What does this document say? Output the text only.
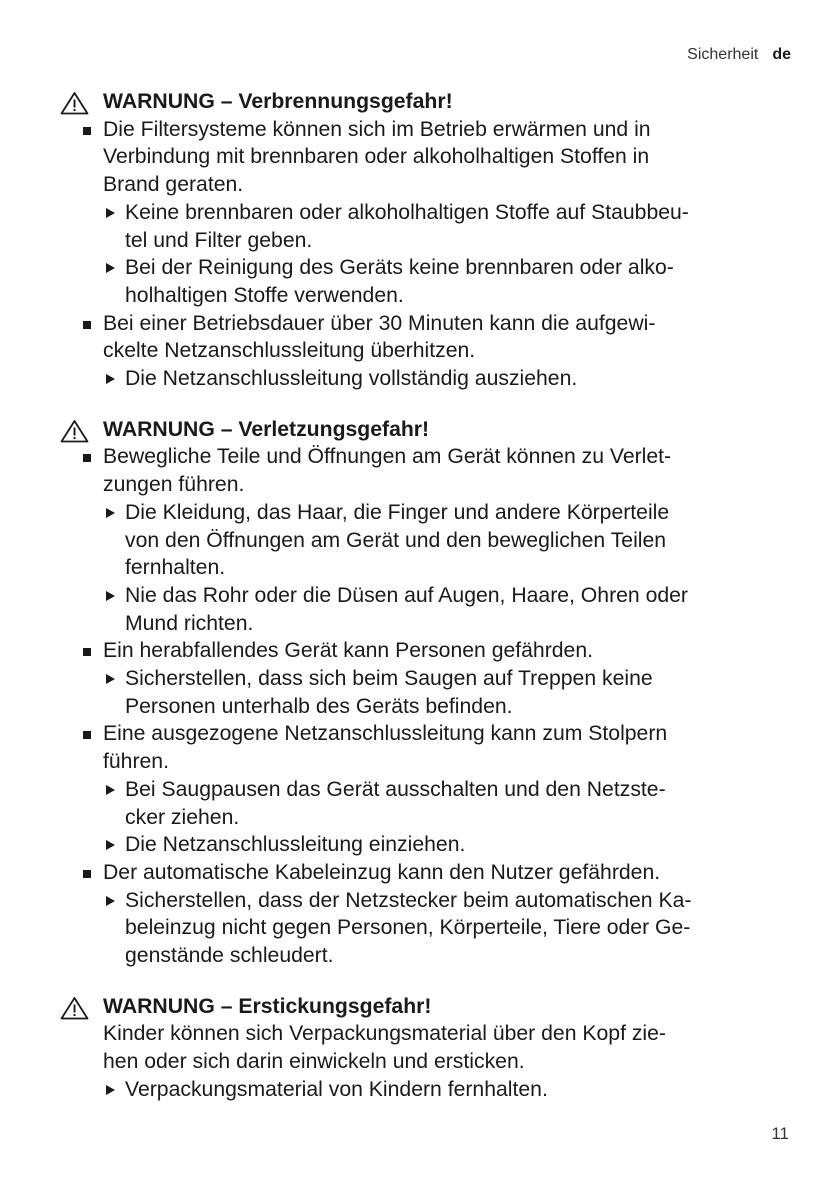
Sicherheit de
WARNUNG – Verbrennungsgefahr!
Die Filtersysteme können sich im Betrieb erwärmen und in
Verbindung mit brennbaren oder alkoholhaltigen Stoffen in
Brand geraten.
Keine brennbaren oder alkoholhaltigen Stoffe auf Staubbeu-
tel und Filter geben.
Bei der Reinigung des Geräts keine brennbaren oder alko-
holhaltigen Stoffe verwenden.
Bei einer Betriebsdauer über 30 Minuten kann die aufgewi-
ckelte Netzanschlussleitung überhitzen.
Die Netzanschlussleitung vollständig ausziehen.
WARNUNG – Verletzungsgefahr!
Bewegliche Teile und Öffnungen am Gerät können zu Verlet-
zungen führen.
Die Kleidung, das Haar, die Finger und andere Körperteile
von den Öffnungen am Gerät und den beweglichen Teilen
fernhalten.
Nie das Rohr oder die Düsen auf Augen, Haare, Ohren oder
Mund richten.
Ein herabfallendes Gerät kann Personen gefährden.
Sicherstellen, dass sich beim Saugen auf Treppen keine
Personen unterhalb des Geräts befinden.
Eine ausgezogene Netzanschlussleitung kann zum Stolpern
führen.
Bei Saugpausen das Gerät ausschalten und den Netzste-
cker ziehen.
Die Netzanschlussleitung einziehen.
Der automatische Kabeleinzug kann den Nutzer gefährden.
Sicherstellen, dass der Netzstecker beim automatischen Ka-
beleinzug nicht gegen Personen, Körperteile, Tiere oder Ge-
genstände schleudert.
WARNUNG – Erstickungsgefahr!
Kinder können sich Verpackungsmaterial über den Kopf zie-
hen oder sich darin einwickeln und ersticken.
Verpackungsmaterial von Kindern fernhalten.
11
